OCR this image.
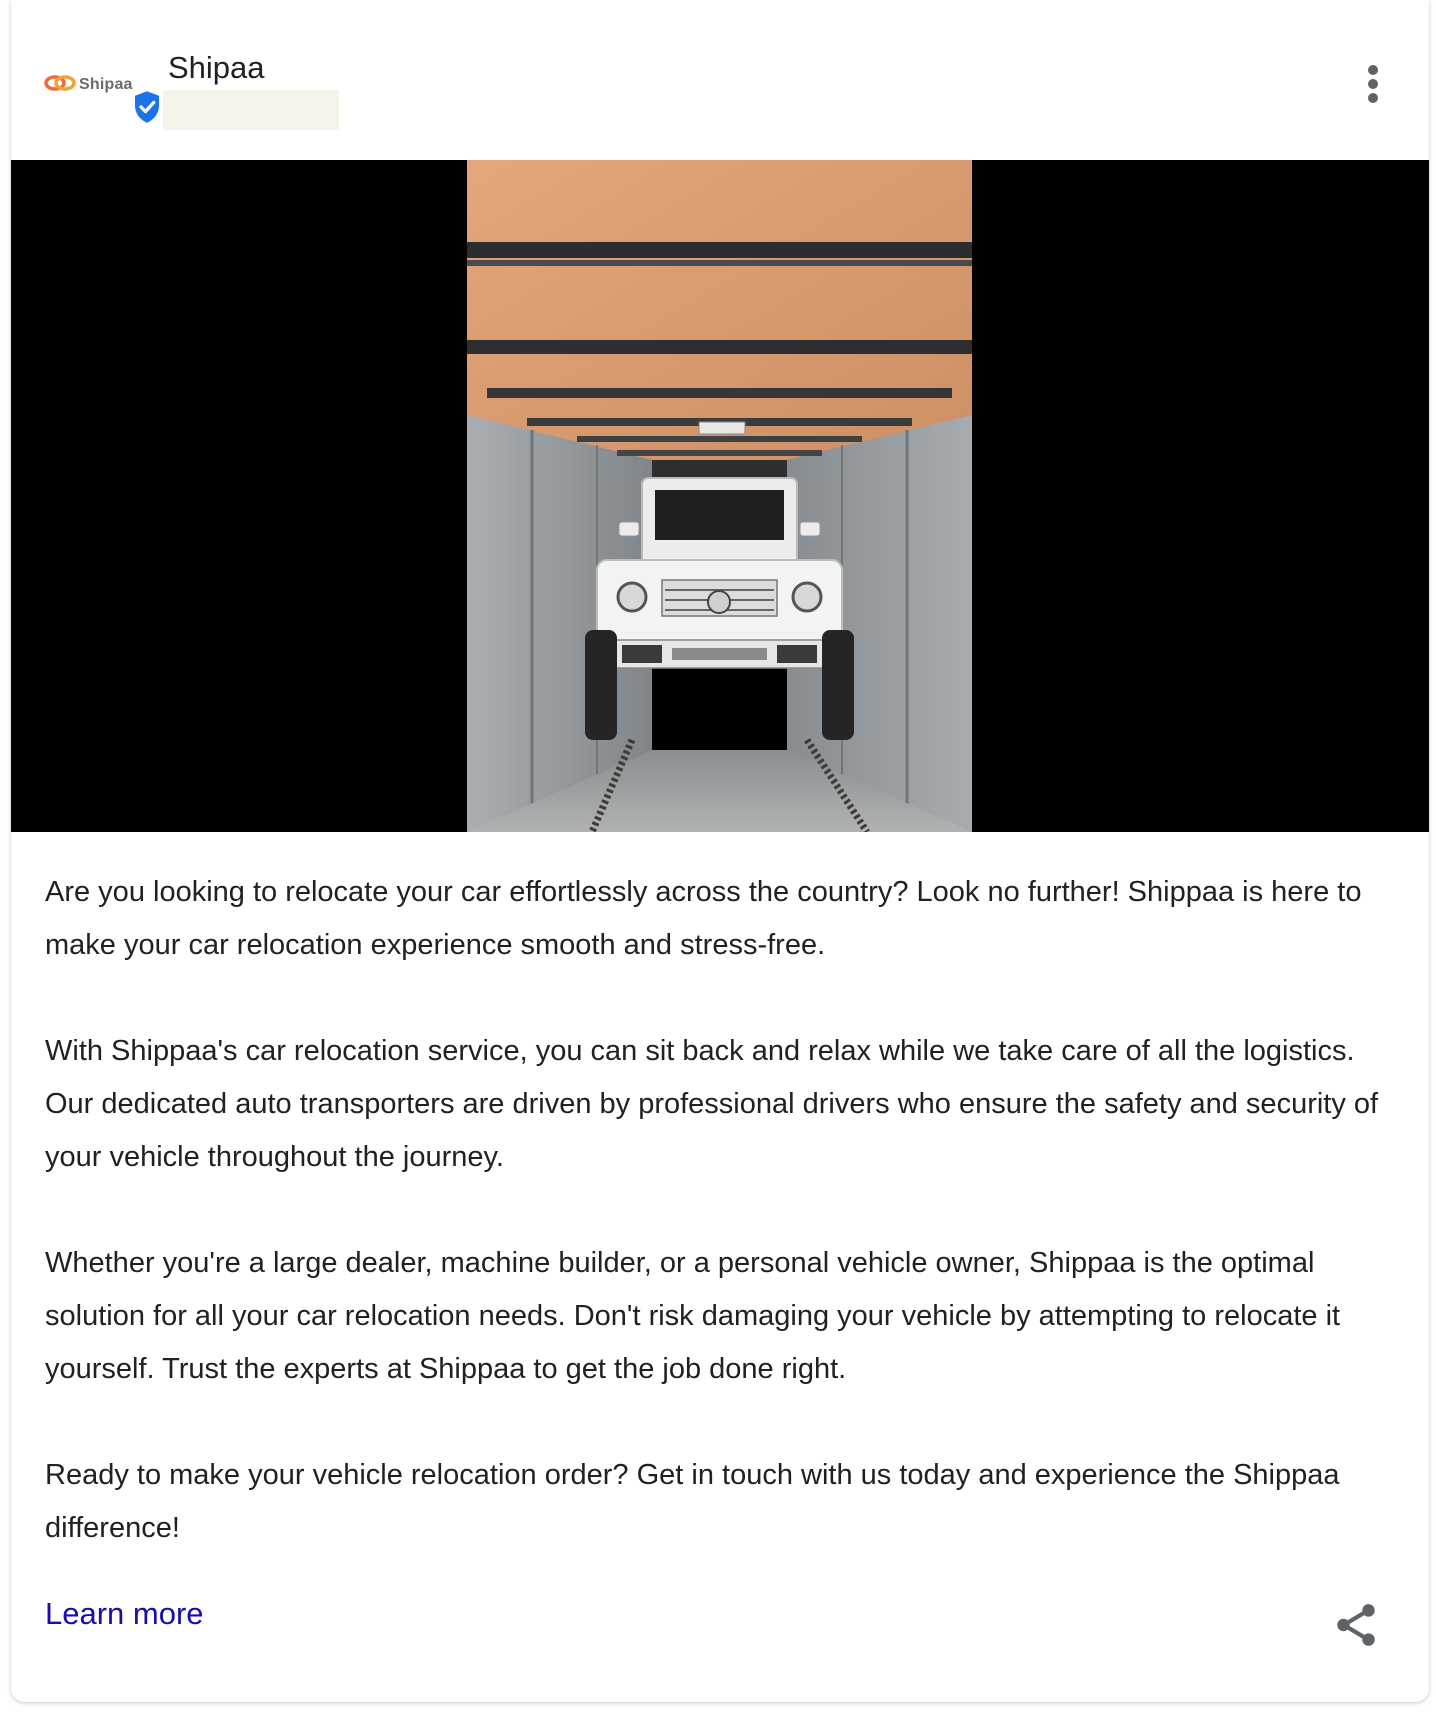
Shipaa Shipaa

Are you looking to relocate your car effortlessly across the country? Look no further! Shippaa is here to make your car relocation experience smooth and stress-free.

With Shippaa's car relocation service, you can sit back and relax while we take care of all the logistics. Our dedicated auto transporters are driven by professional drivers who ensure the safety and security of your vehicle throughout the journey.

Whether you're a large dealer, machine builder, or a personal vehicle owner, Shippaa is the optimal solution for all your car relocation needs. Don't risk damaging your vehicle by attempting to relocate it yourself. Trust the experts at Shippaa to get the job done right.

Ready to make your vehicle relocation order? Get in touch with us today and experience the Shippaa difference!

Learn more
